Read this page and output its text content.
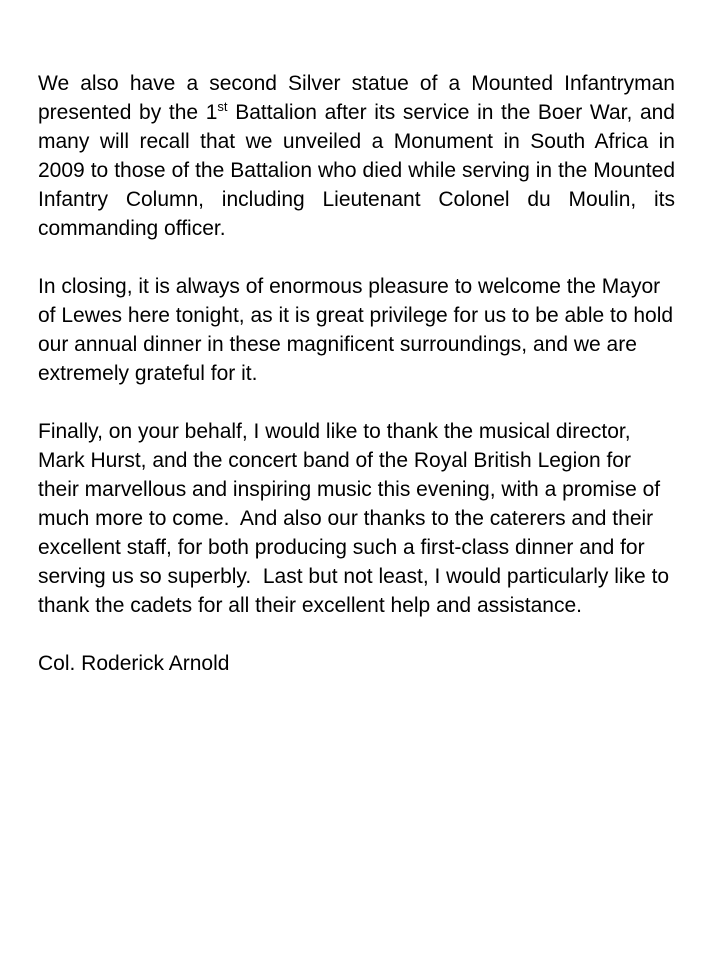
We also have a second Silver statue of a Mounted Infantryman presented by the 1st Battalion after its service in the Boer War, and many will recall that we unveiled a Monument in South Africa in 2009 to those of the Battalion who died while serving in the Mounted Infantry Column, including Lieutenant Colonel du Moulin, its commanding officer.

In closing, it is always of enormous pleasure to welcome the Mayor of Lewes here tonight, as it is great privilege for us to be able to hold our annual dinner in these magnificent surroundings, and we are extremely grateful for it.

Finally, on your behalf, I would like to thank the musical director, Mark Hurst, and the concert band of the Royal British Legion for their marvellous and inspiring music this evening, with a promise of much more to come.  And also our thanks to the caterers and their excellent staff, for both producing such a first-class dinner and for serving us so superbly.  Last but not least, I would particularly like to thank the cadets for all their excellent help and assistance.

Col. Roderick Arnold
